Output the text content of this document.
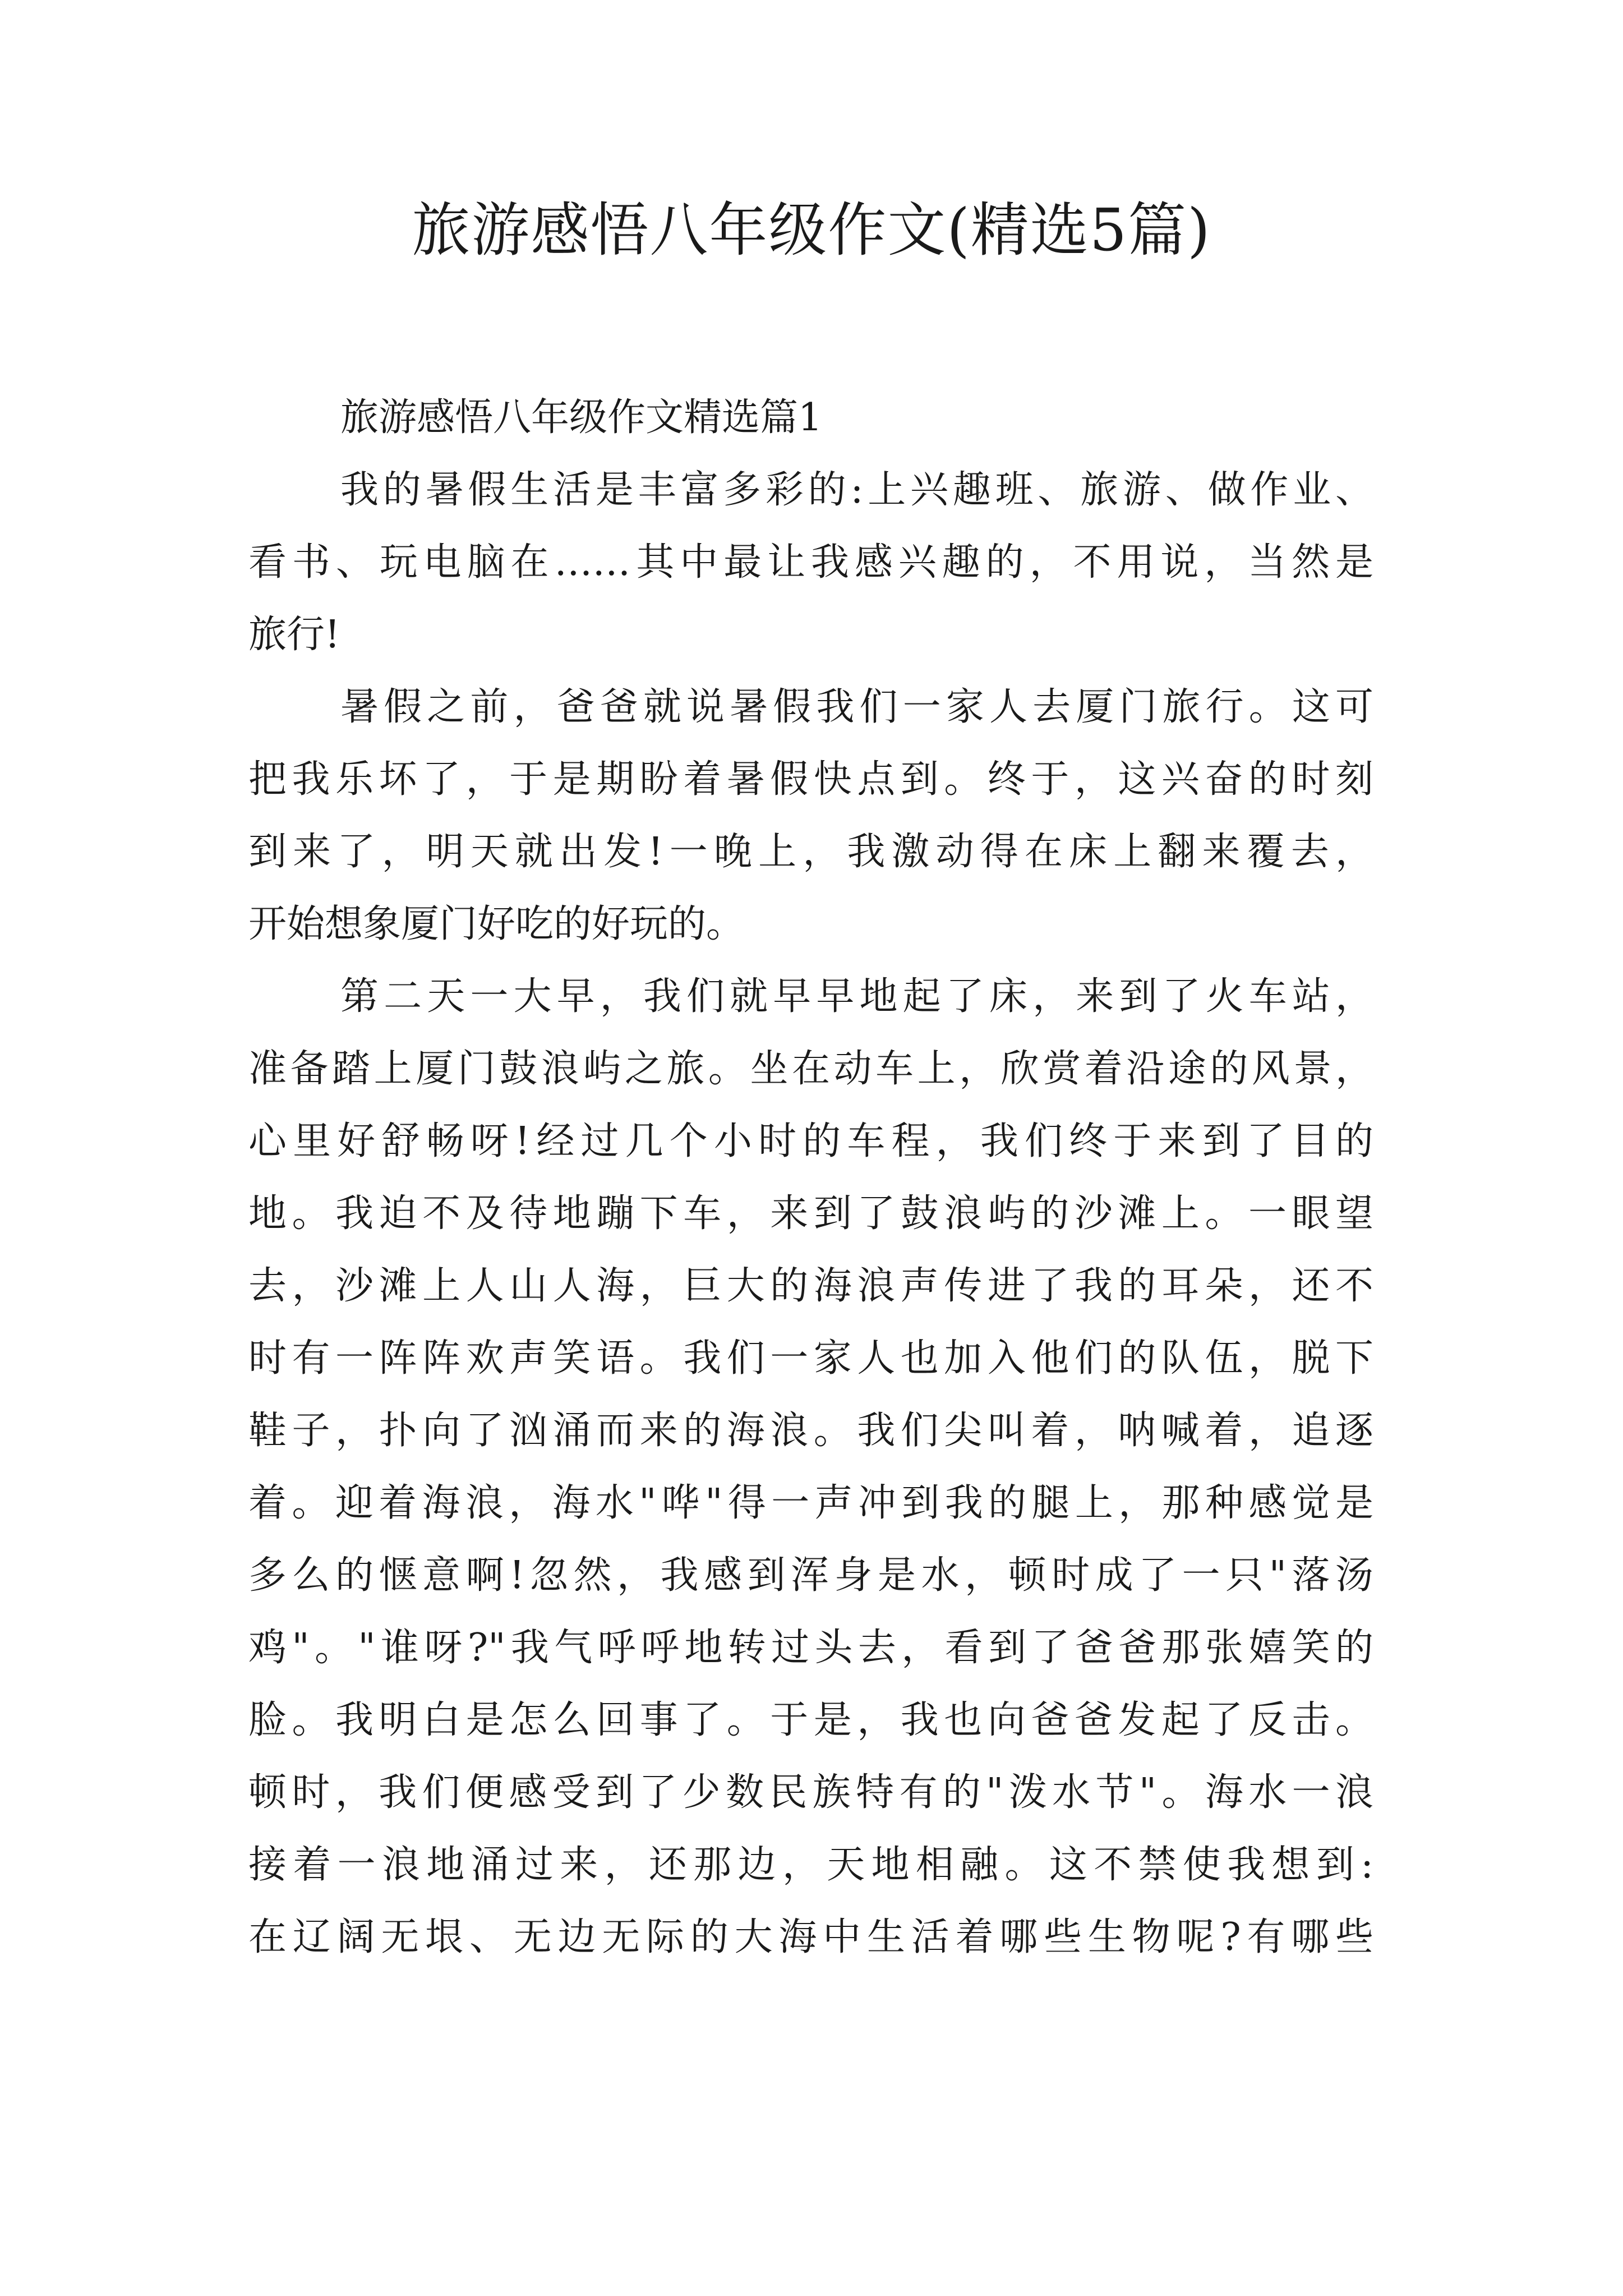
旅游感悟八年级作文(精选5篇)

旅游感悟八年级作文精选篇1

我的暑假生活是丰富多彩的:上兴趣班、旅游、做作业、

看书、玩电脑在……其中最让我感兴趣的，不用说，当然是

旅行!

暑假之前，爸爸就说暑假我们一家人去厦门旅行。这可

把我乐坏了，于是期盼着暑假快点到。终于，这兴奋的时刻

到来了，明天就出发!一晚上，我激动得在床上翻来覆去，

开始想象厦门好吃的好玩的。

第二天一大早，我们就早早地起了床，来到了火车站，

准备踏上厦门鼓浪屿之旅。坐在动车上，欣赏着沿途的风景，

心里好舒畅呀!经过几个小时的车程，我们终于来到了目的

地。我迫不及待地蹦下车，来到了鼓浪屿的沙滩上。一眼望

去，沙滩上人山人海，巨大的海浪声传进了我的耳朵，还不

时有一阵阵欢声笑语。我们一家人也加入他们的队伍，脱下

鞋子，扑向了汹涌而来的海浪。我们尖叫着，呐喊着，追逐

着。迎着海浪，海水"哗"得一声冲到我的腿上，那种感觉是

多么的惬意啊!忽然，我感到浑身是水，顿时成了一只"落汤

鸡"。"谁呀?"我气呼呼地转过头去，看到了爸爸那张嬉笑的

脸。我明白是怎么回事了。于是，我也向爸爸发起了反击。

顿时，我们便感受到了少数民族特有的"泼水节"。海水一浪

接着一浪地涌过来，还那边，天地相融。这不禁使我想到:

在辽阔无垠、无边无际的大海中生活着哪些生物呢?有哪些
